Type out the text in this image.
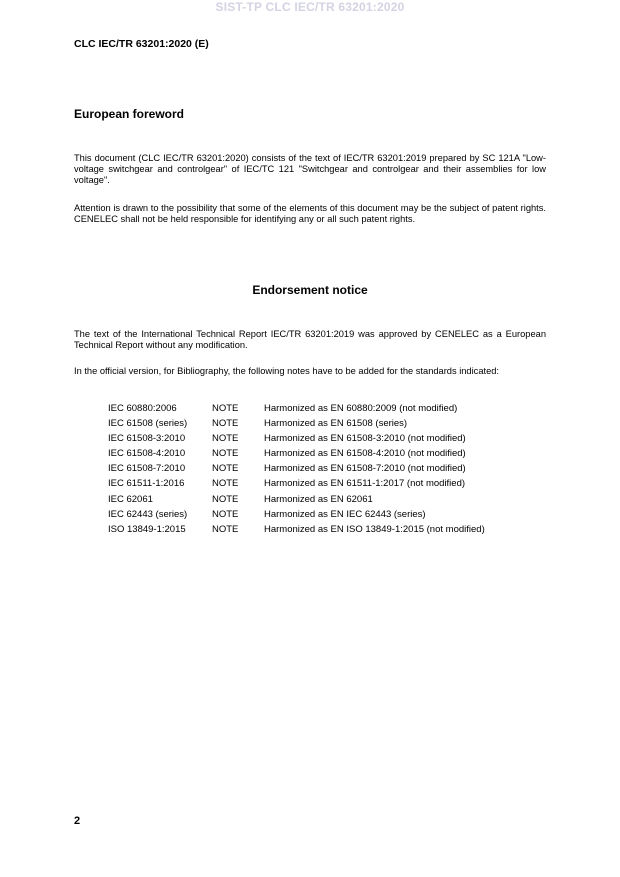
SIST-TP CLC IEC/TR 63201:2020
CLC IEC/TR 63201:2020 (E)
European foreword
This document (CLC IEC/TR 63201:2020) consists of the text of IEC/TR 63201:2019 prepared by SC 121A "Low-voltage switchgear and controlgear" of IEC/TC 121 "Switchgear and controlgear and their assemblies for low voltage".
Attention is drawn to the possibility that some of the elements of this document may be the subject of patent rights. CENELEC shall not be held responsible for identifying any or all such patent rights.
Endorsement notice
The text of the International Technical Report IEC/TR 63201:2019 was approved by CENELEC as a European Technical Report without any modification.
In the official version, for Bibliography, the following notes have to be added for the standards indicated:
IEC 60880:2006	NOTE	Harmonized as EN 60880:2009 (not modified)
IEC 61508 (series)	NOTE	Harmonized as EN 61508 (series)
IEC 61508-3:2010	NOTE	Harmonized as EN 61508-3:2010 (not modified)
IEC 61508-4:2010	NOTE	Harmonized as EN 61508-4:2010 (not modified)
IEC 61508-7:2010	NOTE	Harmonized as EN 61508-7:2010 (not modified)
IEC 61511-1:2016	NOTE	Harmonized as EN 61511-1:2017 (not modified)
IEC 62061	NOTE	Harmonized as EN 62061
IEC 62443 (series)	NOTE	Harmonized as EN IEC 62443 (series)
ISO 13849-1:2015	NOTE	Harmonized as EN ISO 13849-1:2015 (not modified)
2
